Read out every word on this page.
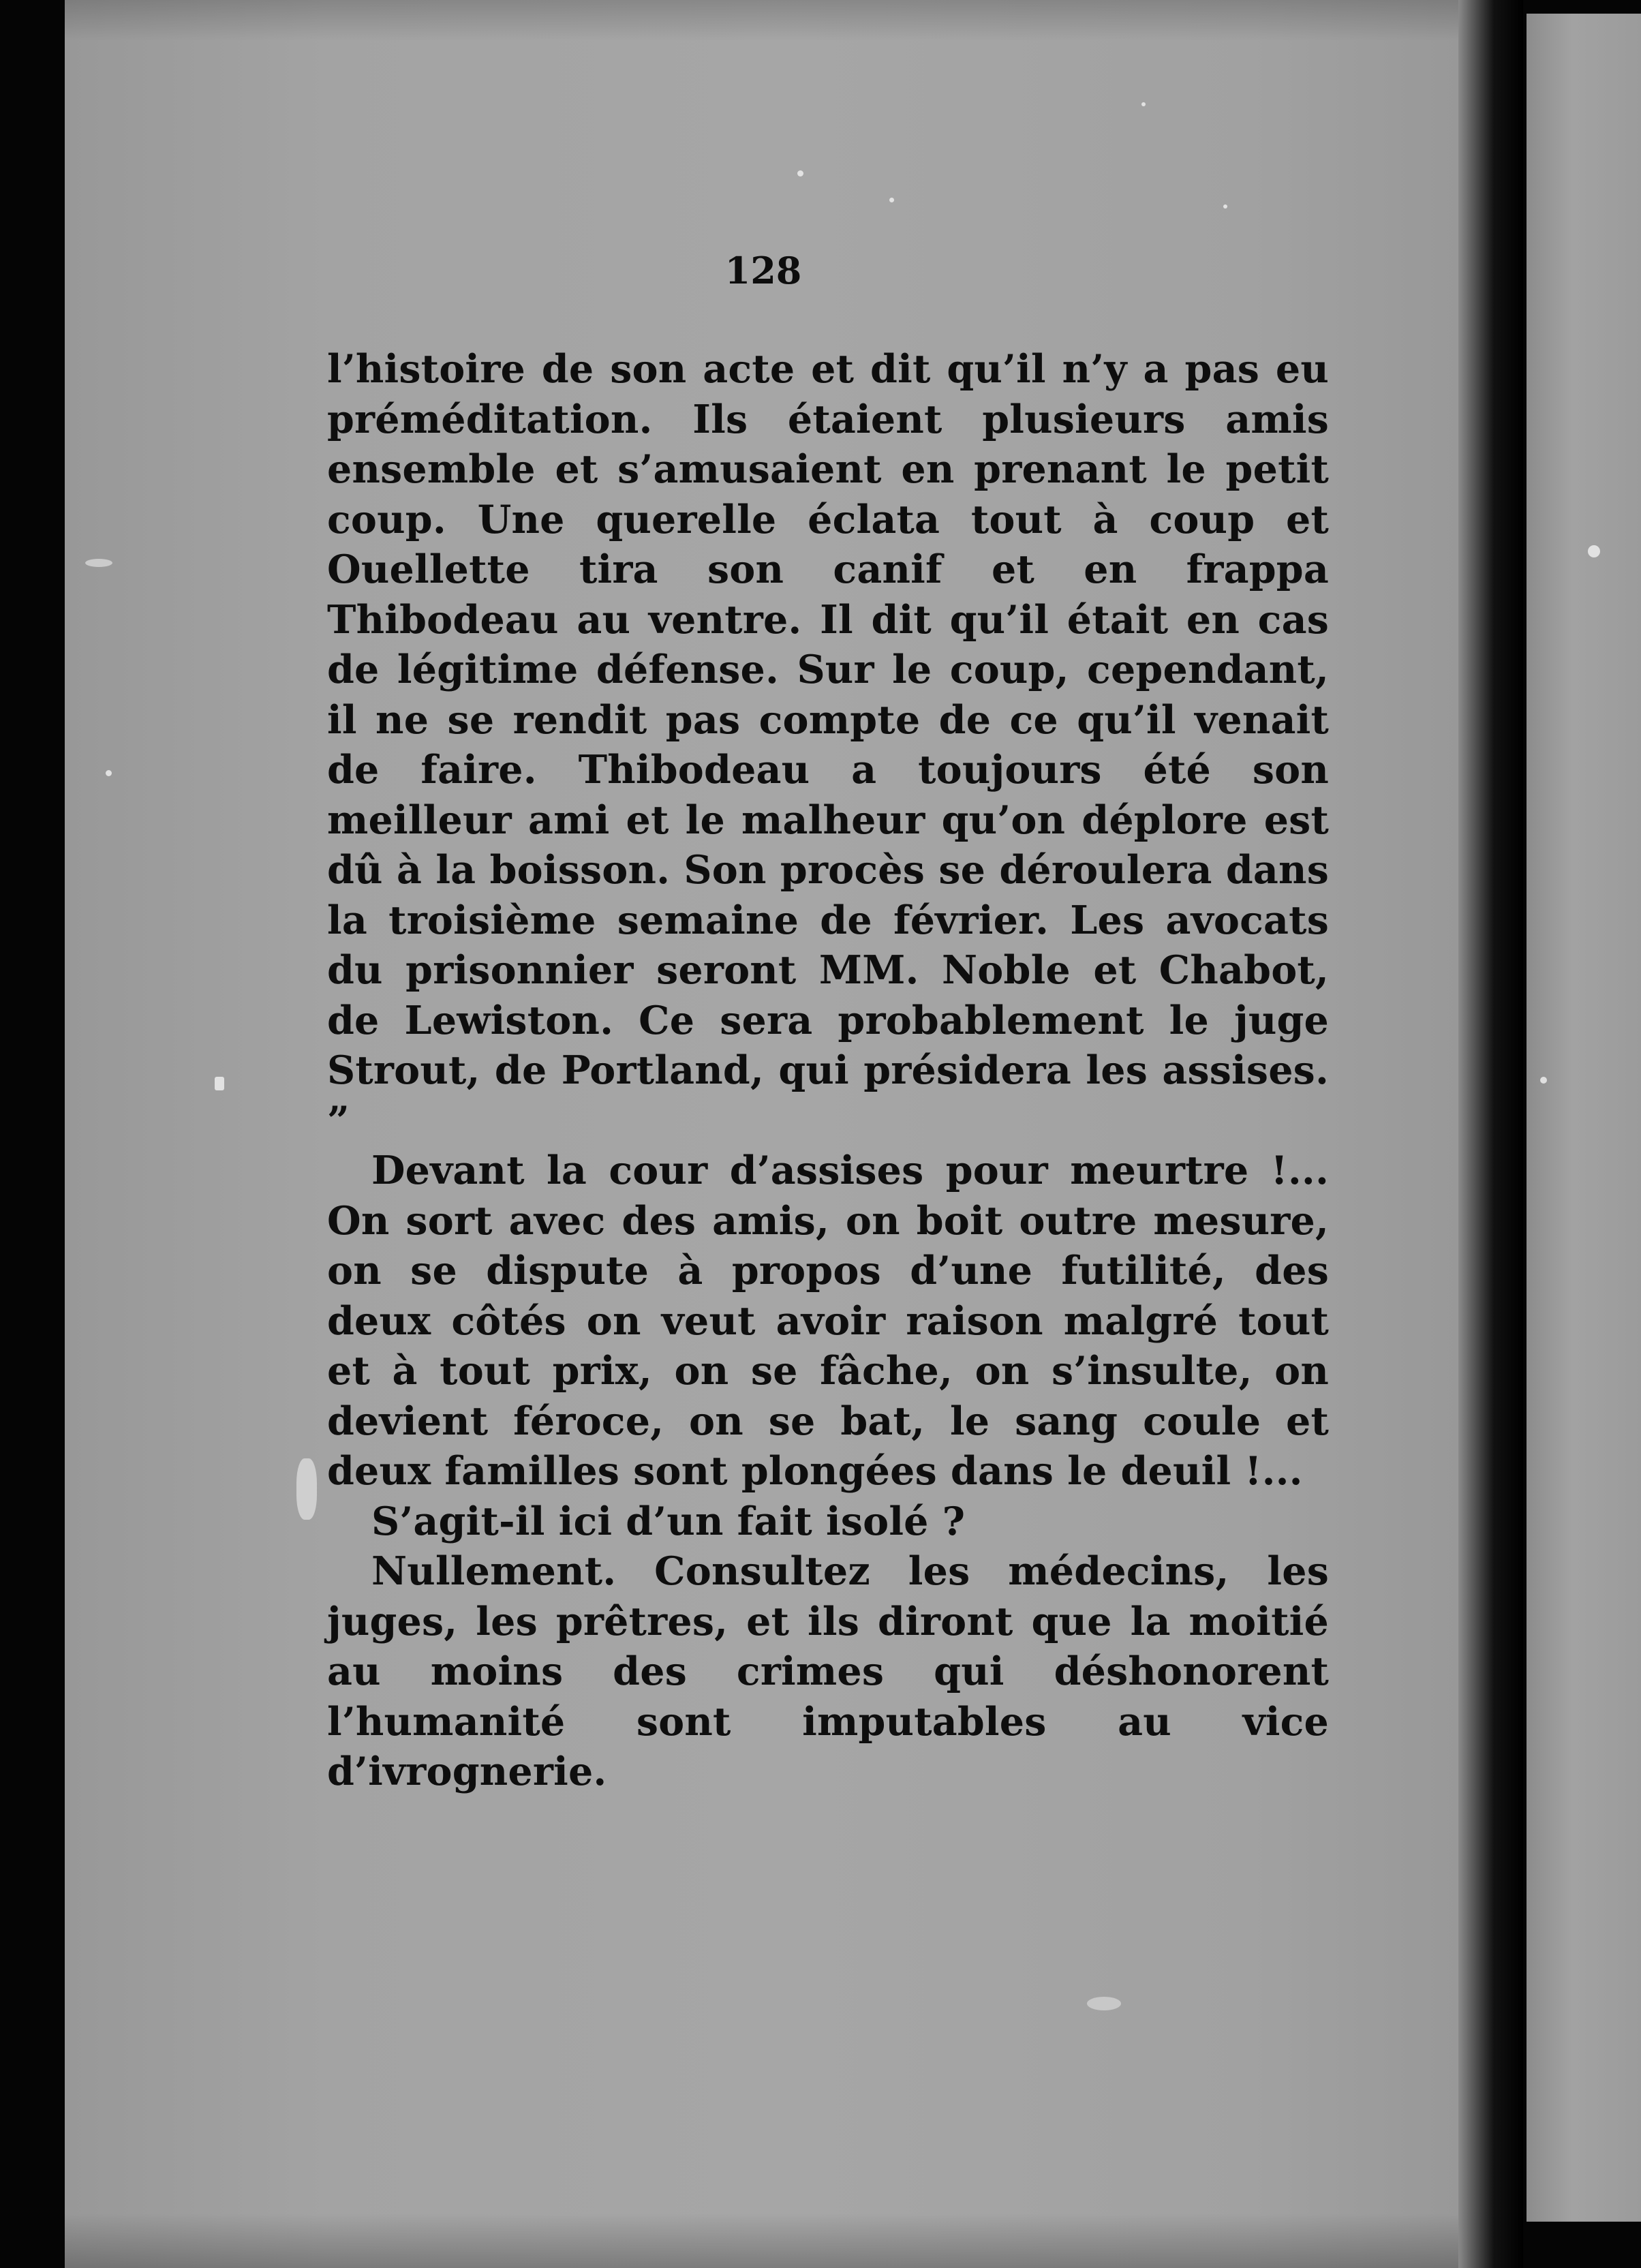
128

l’histoire de son acte et dit qu’il n’y a pas eu préméditation. Ils étaient plusieurs amis ensemble et s’amusaient en prenant le petit coup. Une querelle éclata tout à coup et Ouellette tira son canif et en frappa Thibodeau au ventre. Il dit qu’il était en cas de légitime défense. Sur le coup, cependant, il ne se rendit pas compte de ce qu’il venait de faire. Thibodeau a toujours été son meilleur ami et le malheur qu’on déplore est dû à la boisson. Son procès se déroulera dans la troisième semaine de février. Les avocats du prisonnier seront MM. Noble et Chabot, de Lewiston. Ce sera probablement le juge Strout, de Portland, qui présidera les assises. ”

Devant la cour d’assises pour meurtre !... On sort avec des amis, on boit outre mesure, on se dispute à propos d’une futilité, des deux côtés on veut avoir raison malgré tout et à tout prix, on se fâche, on s’insulte, on devient féroce, on se bat, le sang coule et deux familles sont plongées dans le deuil !...

S’agit-il ici d’un fait isolé ?

Nullement. Consultez les médecins, les juges, les prêtres, et ils diront que la moitié au moins des crimes qui déshonorent l’humanité sont imputables au vice d’ivrognerie.
